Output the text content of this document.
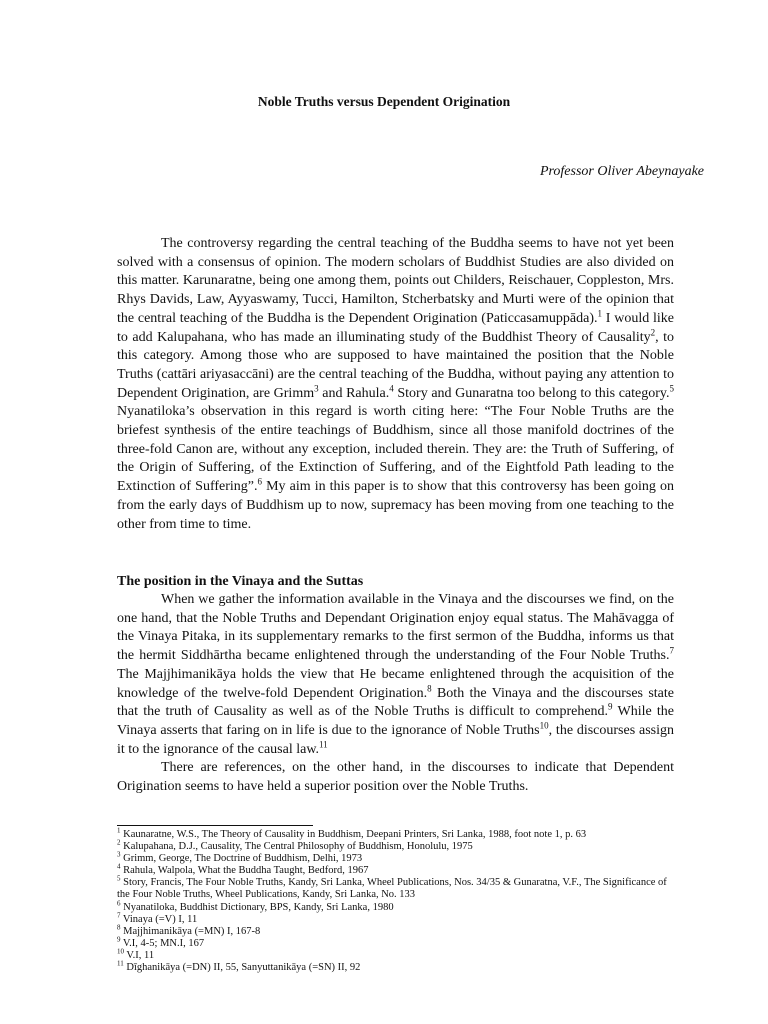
Noble Truths versus Dependent Origination
Professor Oliver Abeynayake

The controversy regarding the central teaching of the Buddha seems to have not yet been solved with a consensus of opinion. The modern scholars of Buddhist Studies are also divided on this matter. Karunaratne, being one among them, points out Childers, Reischauer, Coppleston, Mrs. Rhys Davids, Law, Ayyaswamy, Tucci, Hamilton, Stcherbatsky and Murti were of the opinion that the central teaching of the Buddha is the Dependent Origination (Paticcasamuppāda).$^1$ I would like to add Kalupahana, who has made an illuminating study of the Buddhist Theory of Causality$^2$, to this category. Among those who are supposed to have maintained the position that the Noble Truths (cattāri ariyasaccāni) are the central teaching of the Buddha, without paying any attention to Dependent Origination, are Grimm$^3$ and Rahula.$^4$ Story and Gunaratna too belong to this category.$^5$ Nyanatiloka’s observation in this regard is worth citing here: “The Four Noble Truths are the briefest synthesis of the entire teachings of Buddhism, since all those manifold doctrines of the three-fold Canon are, without any exception, included therein. They are: the Truth of Suffering, of the Origin of Suffering, of the Extinction of Suffering, and of the Eightfold Path leading to the Extinction of Suffering”.$^6$ My aim in this paper is to show that this controversy has been going on from the early days of Buddhism up to now, supremacy has been moving from one teaching to the other from time to time.

The position in the Vinaya and the Suttas

When we gather the information available in the Vinaya and the discourses we find, on the one hand, that the Noble Truths and Dependant Origination enjoy equal status. The Mahāvagga of the Vinaya Pitaka, in its supplementary remarks to the first sermon of the Buddha, informs us that the hermit Siddhārtha became enlightened through the understanding of the Four Noble Truths.$^7$ The Majjhimanikāya holds the view that He became enlightened through the acquisition of the knowledge of the twelve-fold Dependent Origination.$^8$ Both the Vinaya and the discourses state that the truth of Causality as well as of the Noble Truths is difficult to comprehend.$^9$ While the Vinaya asserts that faring on in life is due to the ignorance of Noble Truths$^{10}$, the discourses assign it to the ignorance of the causal law.$^{11}$

There are references, on the other hand, in the discourses to indicate that Dependent Origination seems to have held a superior position over the Noble Truths.

$^1$ Kaunaratne, W.S., The Theory of Causality in Buddhism, Deepani Printers, Sri Lanka, 1988, foot note 1, p. 63
$^2$ Kalupahana, D.J., Causality, The Central Philosophy of Buddhism, Honolulu, 1975
$^3$ Grimm, George, The Doctrine of Buddhism, Delhi, 1973
$^4$ Rahula, Walpola, What the Buddha Taught, Bedford, 1967
$^5$ Story, Francis, The Four Noble Truths, Kandy, Sri Lanka, Wheel Publications, Nos. 34/35 & Gunaratna, V.F., The Significance of the Four Noble Truths, Wheel Publications, Kandy, Sri Lanka, No. 133
$^6$ Nyanatiloka, Buddhist Dictionary, BPS, Kandy, Sri Lanka, 1980
$^7$ Vinaya (=V) I, 11
$^8$ Majjhimanikāya (=MN) I, 167-8
$^9$ V.I, 4-5; MN.I, 167
$^{10}$ V.I, 11
$^{11}$ Dīghanikāya (=DN) II, 55, Sanyuttanikāya (=SN) II, 92
